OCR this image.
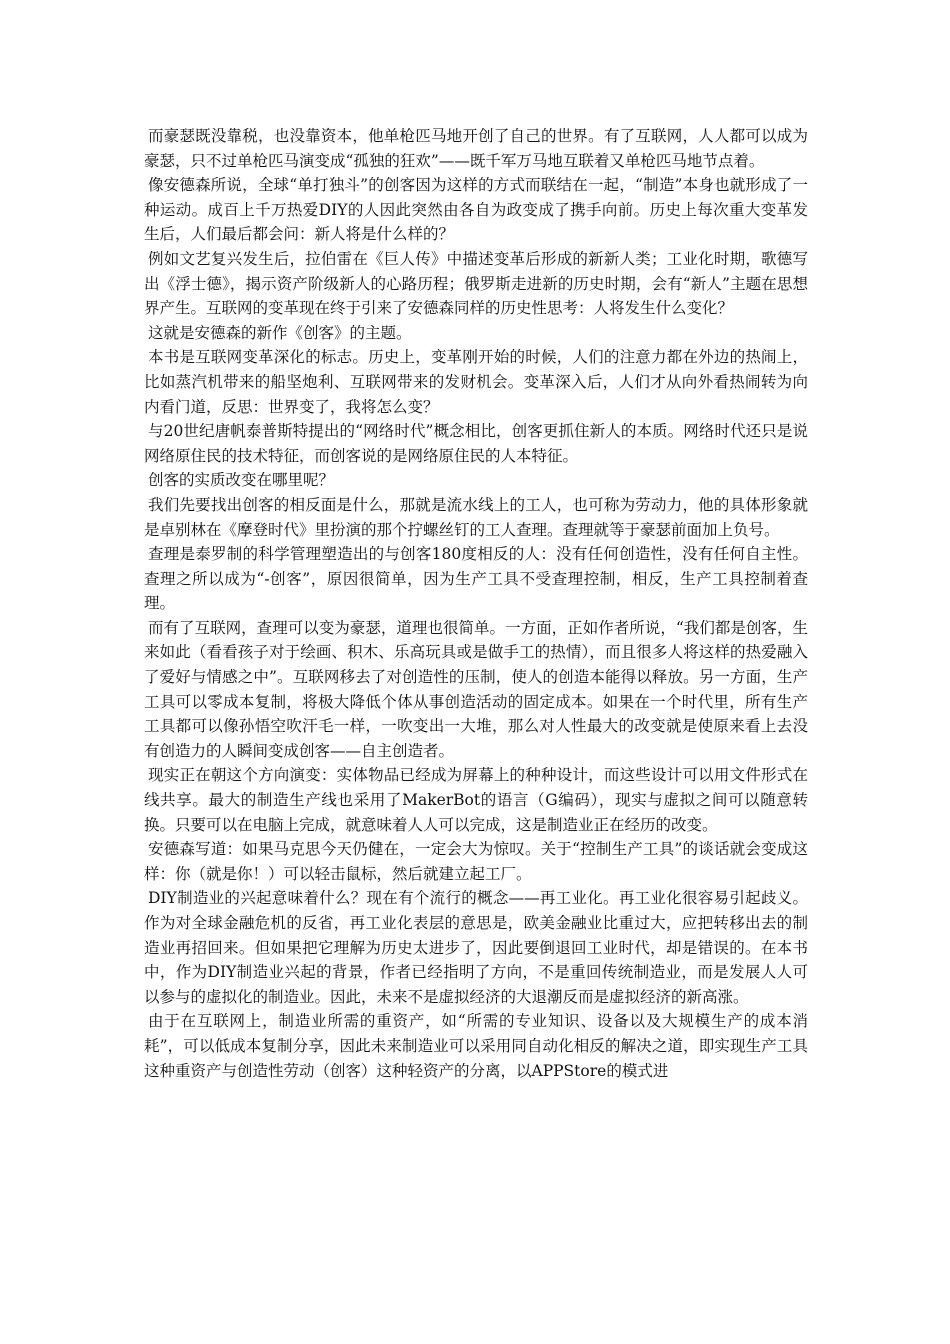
而豪瑟既没靠税，也没靠资本，他单枪匹马地开创了自己的世界。有了互联网，人人都可以成为豪瑟，只不过单枪匹马演变成“孤独的狂欢”——既千军万马地互联着又单枪匹马地节点着。

像安德森所说，全球“单打独斗”的创客因为这样的方式而联结在一起，“制造”本身也就形成了一种运动。成百上千万热爱DIY的人因此突然由各自为政变成了携手向前。历史上每次重大变革发生后，人们最后都会问：新人将是什么样的？

例如文艺复兴发生后，拉伯雷在《巨人传》中描述变革后形成的新新人类；工业化时期，歌德写出《浮士德》，揭示资产阶级新人的心路历程；俄罗斯走进新的历史时期，会有“新人”主题在思想界产生。互联网的变革现在终于引来了安德森同样的历史性思考：人将发生什么变化？

这就是安德森的新作《创客》的主题。

本书是互联网变革深化的标志。历史上，变革刚开始的时候，人们的注意力都在外边的热闹上，比如蒸汽机带来的船坚炮利、互联网带来的发财机会。变革深入后，人们才从向外看热闹转为向内看门道，反思：世界变了，我将怎么变？

与20世纪唐帆泰普斯特提出的“网络时代”概念相比，创客更抓住新人的本质。网络时代还只是说网络原住民的技术特征，而创客说的是网络原住民的人本特征。

创客的实质改变在哪里呢？

我们先要找出创客的相反面是什么，那就是流水线上的工人，也可称为劳动力，他的具体形象就是卓别林在《摩登时代》里扮演的那个拧螺丝钉的工人查理。查理就等于豪瑟前面加上负号。

查理是泰罗制的科学管理塑造出的与创客180度相反的人：没有任何创造性，没有任何自主性。查理之所以成为“-创客”，原因很简单，因为生产工具不受查理控制，相反，生产工具控制着查理。

而有了互联网，查理可以变为豪瑟，道理也很简单。一方面，正如作者所说，“我们都是创客，生来如此（看看孩子对于绘画、积木、乐高玩具或是做手工的热情），而且很多人将这样的热爱融入了爱好与情感之中”。互联网移去了对创造性的压制，使人的创造本能得以释放。另一方面，生产工具可以零成本复制，将极大降低个体从事创造活动的固定成本。如果在一个时代里，所有生产工具都可以像孙悟空吹汗毛一样，一吹变出一大堆，那么对人性最大的改变就是使原来看上去没有创造力的人瞬间变成创客——自主创造者。

现实正在朝这个方向演变：实体物品已经成为屏幕上的种种设计，而这些设计可以用文件形式在线共享。最大的制造生产线也采用了MakerBot的语言（G编码），现实与虚拟之间可以随意转换。只要可以在电脑上完成，就意味着人人可以完成，这是制造业正在经历的改变。

安德森写道：如果马克思今天仍健在，一定会大为惊叹。关于“控制生产工具”的谈话就会变成这样：你（就是你！）可以轻击鼠标，然后就建立起工厂。

DIY制造业的兴起意味着什么？现在有个流行的概念——再工业化。再工业化很容易引起歧义。作为对全球金融危机的反省，再工业化表层的意思是，欧美金融业比重过大，应把转移出去的制造业再招回来。但如果把它理解为历史太进步了，因此要倒退回工业时代，却是错误的。在本书中，作为DIY制造业兴起的背景，作者已经指明了方向，不是重回传统制造业，而是发展人人可以参与的虚拟化的制造业。因此，未来不是虚拟经济的大退潮反而是虚拟经济的新高涨。

由于在互联网上，制造业所需的重资产，如“所需的专业知识、设备以及大规模生产的成本消耗”，可以低成本复制分享，因此未来制造业可以采用同自动化相反的解决之道，即实现生产工具这种重资产与创造性劳动（创客）这种轻资产的分离，以APPStore的模式进
